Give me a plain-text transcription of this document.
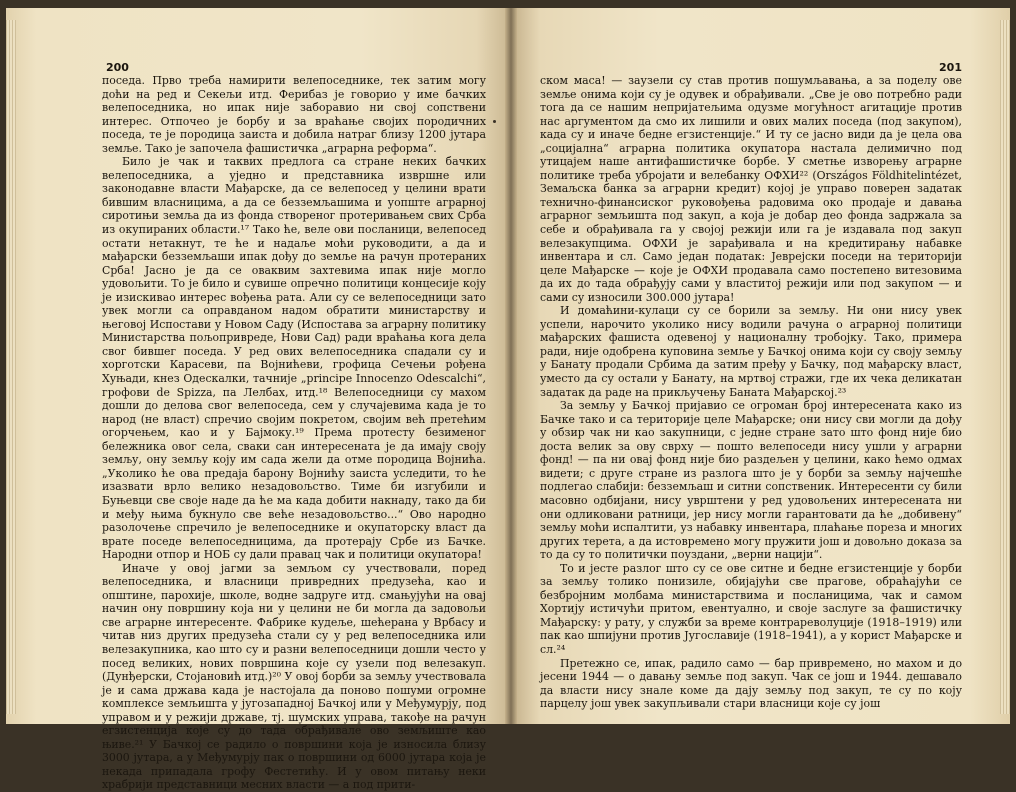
200

поседа. Прво треба намирити велепоседнике, тек затим могу доћи на ред и Секељи итд. Ферибаз је говорио у име бачких велепоседника, но ипак није заборавио ни свој сопствени интерес. Отпочео је борбу и за враћање својих породичних поседа, те је породица заиста и добила натраг близу 1200 јутара земље. Тако је започела фашистичка „аграрна реформа“.

Било је чак и таквих предлога са стране неких бачких велепоседника, а уједно и представника извршне или законодавне власти Мађарске, да се велепосед у целини врати бившим власницима, а да се безземљашима и уопште аграрној сиротињи земља да из фонда створеног протеривањем свих Срба из окупираних области.¹⁷ Тако ће, веле ови посланици, велепосед остати нетакнут, те ће и надаље моћи руководити, а да и мађарски безземљаши ипак дођу до земље на рачун протераних Срба! Јасно је да се оваквим захтевима ипак није могло удовољити. То је било и сувише опречно политици концесије коју је изискивао интерес вођења рата. Али су се велепоседници зато увек могли са оправданом надом обратити министарству и његовој Испостави у Новом Саду (Испостава за аграрну политику Министарства пољопривреде, Нови Сад) ради враћања кога дела свог бившег поседа. У ред ових велепоседника спадали су и хорготски Карасеви, па Војнићеви, грофица Сечењи рођена Хуњади, кнез Одескалки, тачније „principe Innocenzo Odescalchi“, грофови de Spizza, па Лелбах, итд.¹⁸ Велепоседници су махом дошли до делова свог велепоседа, сем у случајевима када је то народ (не власт) спречио својим покретом, својим већ претећим огорчењем, као и у Бајмоку.¹⁹ Према протесту безименог бележника овог села, сваки сан интересената је да имају своју земљу, ону земљу коју им сада жели да отме породица Војнића. „Уколико ће ова предаја барону Војнићу заиста уследити, то ће изазвати врло велико незадовољство. Тиме би изгубили и Буњевци све своје наде да ће ма када добити накнаду, тако да би и међу њима букнуло све веће незадовољство...“ Ово народно разолочење спречило је велепоседнике и окупаторску власт да врате поседе велепоседницима, да протерају Србе из Бачке. Народни отпор и НОБ су дали правац чак и политици окупатора!

Иначе у овој јагми за земљом су учествовали, поред велепоседника, и власници привредних предузећа, као и општине, парохије, школе, водне задруге итд. смањујући на овај начин ону површину која ни у целини не би могла да задовољи све аграрне интересенте. Фабрике кудеље, шећерана у Врбасу и читав низ других предузећа стали су у ред велепоседника или велезакупника, као што су и разни велепоседници дошли често у посед великих, нових површина које су узели под велезакуп. (Дунђерски, Стојановић итд.)²⁰ У овој борби за земљу учествовала је и сама држава када је настојала да поново пошуми огромне комплексе земљишта у југозападној Бачкој или у Међумурју, под управом и у режији државе, тј. шумских управа, такође на рачун егзистенција које су до тада обрађивале ово земљиште као њиве.²¹ У Бачкој се радило о површини која је износила близу 3000 јутара, а у Међумурју пак о површини од 6000 јутара која је некада припадала грофу Фестетићу. И у овом питању неки храбрији представници месних власти — а под прити-

201

ском маса! — заузели су став против пошумљавања, а за поделу ове земље онима који су је одувек и обрађивали. „Све је ово потребно ради тога да се нашим непријатељима одузме могућност агитације против нас аргументом да смо их лишили и ових малих поседа (под закупом), када су и иначе бедне егзистенције.“ И ту се јасно види да је цела ова „социјална“ аграрна политика окупатора настала делимично под утицајем наше антифашистичке борбе. У сметње изворењу аграрне политике треба убројати и велебанку ОФХИ²² (Országos Földhitelintézet, Земаљска банка за аграрни кредит) којој је управо поверен задатак технично-финансиског руковођења радовима око продаје и давања аграрног земљишта под закуп, а која је добар део фонда задржала за себе и обрађивала га у својој режији или га је издавала под закуп велезакупцима. ОФХИ је зарађивала и на кредитирању набавке инвентара и сл. Само један податак: Јеврејски поседи на територији целе Мађарске — које је ОФХИ продавала само постепено витезовима да их до тада обрађују сами у властитој режији или под закупом — и сами су износили 300.000 јутара!

И домаћини-кулаци су се борили за земљу. Ни они нису увек успели, нарочито уколико нису водили рачуна о аграрној политици мађарских фашиста одевеној у националну тробојку. Тако, примера ради, није одобрена куповина земље у Бачкој онима који су своју земљу у Банату продали Србима да затим пређу у Бачку, под мађарску власт, уместо да су остали у Банату, на мртвој стражи, где их чека деликатан задатак да раде на прикључењу Баната Мађарској.²³

За земљу у Бачкој пријавио се огроман број интересената како из Бачке тако и са територије целе Мађарске; они нису сви могли да дођу у обзир чак ни као закупници, с једне стране зато што фонд није био доста велик за ову сврху — пошто велепоседи нису ушли у аграрни фонд! — па ни овај фонд није био раздељен у целини, како ћемо одмах видети; с друге стране из разлога што је у борби за земљу најчешће подлегао слабији: безземљаш и ситни сопственик. Интересенти су били масовно одбијани, нису уврштени у ред удовољених интересената ни они одликовани ратници, јер нису могли гарантовати да ће „добивену“ земљу моћи испалтити, уз набавку инвентара, плаћање пореза и многих других терета, а да истовремено могу пружити још и довољно доказа за то да су то политички поуздани, „верни нацији“.

То и јесте разлог што су се ове ситне и бедне егзистенције у борби за земљу толико понизиле, обијајући све прагове, обраћајући се безбројним молбама министарствима и посланицима, чак и самом Хортију истичући притом, евентуално, и своје заслуге за фашистичку Мађарску: у рату, у служби за време контрареволуције (1918–1919) или пак као шпијуни против Југославије (1918–1941), а у корист Мађарске и сл.²⁴

Претежно се, ипак, радило само — бар привремено, но махом и до јесени 1944 — о давању земље под закуп. Чак се још и 1944. дешавало да власти нису знале коме да дају земљу под закуп, те су по коју парцелу још увек закупљивали стари власници које су још
